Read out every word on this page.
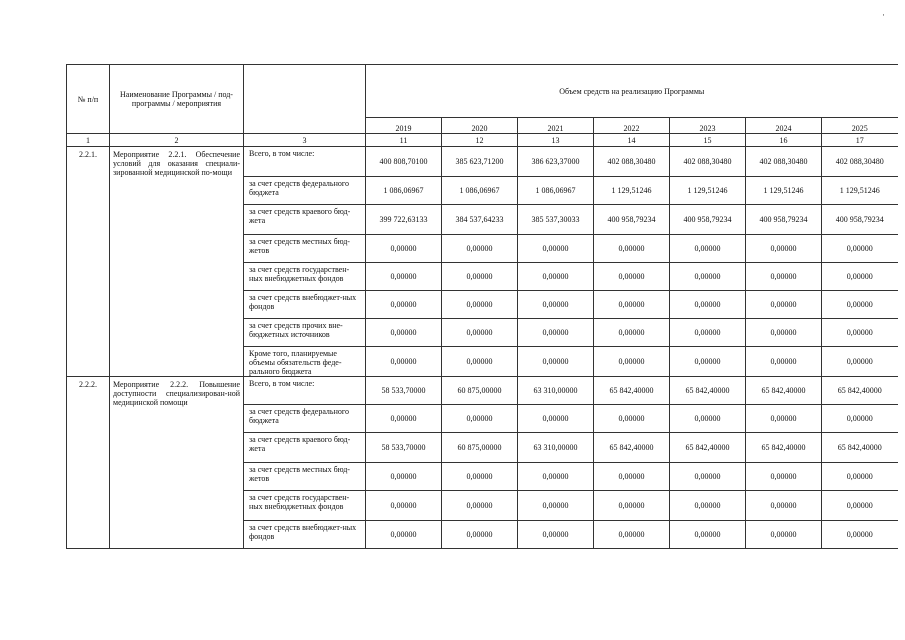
·
№ п/п	Наименование Программы / под-программы / мероприятия		Объем средств на реализацию Программы						
			2019	2020	2021	2022	2023	2024	2025
1	2	3	11	12	13	14	15	16	17
2.2.1.	Мероприятие 2.2.1. Обеспечение условий для оказания специали-зированной медицинской по-мощи	Всего, в том числе:	400 808,70100	385 623,71200	386 623,37000	402 088,30480	402 088,30480	402 088,30480	402 088,30480
		за счет средств федерального бюджета	1 086,06967	1 086,06967	1 086,06967	1 129,51246	1 129,51246	1 129,51246	1 129,51246
		за счет средств краевого бюд-жета	399 722,63133	384 537,64233	385 537,30033	400 958,79234	400 958,79234	400 958,79234	400 958,79234
		за счет средств местных бюд-жетов	0,00000	0,00000	0,00000	0,00000	0,00000	0,00000	0,00000
		за счет средств государствен-ных внебюджетных фондов	0,00000	0,00000	0,00000	0,00000	0,00000	0,00000	0,00000
		за счет средств внебюджет-ных фондов	0,00000	0,00000	0,00000	0,00000	0,00000	0,00000	0,00000
		за счет средств прочих вне-бюджетных источников	0,00000	0,00000	0,00000	0,00000	0,00000	0,00000	0,00000
		Кроме того, планируемые объемы обязательств феде-рального бюджета	0,00000	0,00000	0,00000	0,00000	0,00000	0,00000	0,00000
2.2.2.	Мероприятие 2.2.2. Повышение доступности специализирован-ной медицинской помощи	Всего, в том числе:	58 533,70000	60 875,00000	63 310,00000	65 842,40000	65 842,40000	65 842,40000	65 842,40000
		за счет средств федерального бюджета	0,00000	0,00000	0,00000	0,00000	0,00000	0,00000	0,00000
		за счет средств краевого бюд-жета	58 533,70000	60 875,00000	63 310,00000	65 842,40000	65 842,40000	65 842,40000	65 842,40000
		за счет средств местных бюд-жетов	0,00000	0,00000	0,00000	0,00000	0,00000	0,00000	0,00000
		за счет средств государствен-ных внебюджетных фондов	0,00000	0,00000	0,00000	0,00000	0,00000	0,00000	0,00000
		за счет средств внебюджет-ных фондов	0,00000	0,00000	0,00000	0,00000	0,00000	0,00000	0,00000
